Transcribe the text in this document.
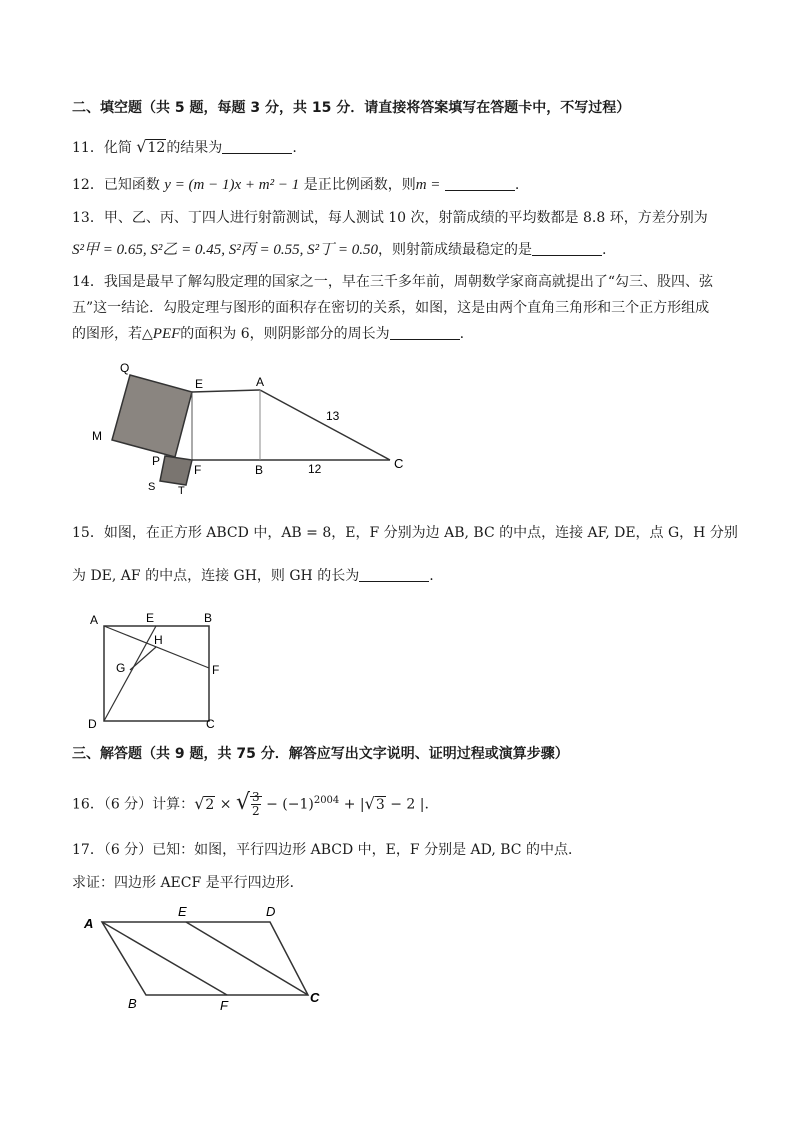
二、填空题（共 5 题，每题 3 分，共 15 分．请直接将答案填写在答题卡中，不写过程）
11．化简 √12的结果为	.
12．已知函数 y = (m − 1)x + m² − 1 是正比例函数，则m =	.
13．甲、乙、丙、丁四人进行射箭测试，每人测试 10 次，射箭成绩的平均数都是 8.8 环，方差分别为
S²甲 = 0.65, S²乙 = 0.45, S²丙 = 0.55, S²丁 = 0.50，则射箭成绩最稳定的是	.
14．我国是最早了解勾股定理的国家之一，早在三千多年前，周朝数学家商高就提出了“勾三、股四、弦
五”这一结论．勾股定理与图形的面积存在密切的关系，如图，这是由两个直角三角形和三个正方形组成
的图形，若△PEF的面积为 6，则阴影部分的周长为	.
Q
E	A
M
P
F	B	C
S T
13
12
15．如图，在正方形 ABCD 中，AB = 8，E，F 分别为边 AB, BC 的中点，连接 AF, DE，点 G，H 分别
为 DE, AF 的中点，连接 GH，则 GH 的长为	.
A	E	B
H
G	F
D	C
三、解答题（共 9 题，共 75 分．解答应写出文字说明、证明过程或演算步骤）
16．（6 分）计算：√2 × √ $\frac{3}{2} - (-1)^{2004} + |√3 - 2$ |.
17．（6 分）已知：如图，平行四边形 ABCD 中，E，F 分别是 AD, BC 的中点．
求证：四边形 AECF 是平行四边形．
A
E	D
B	F
C
